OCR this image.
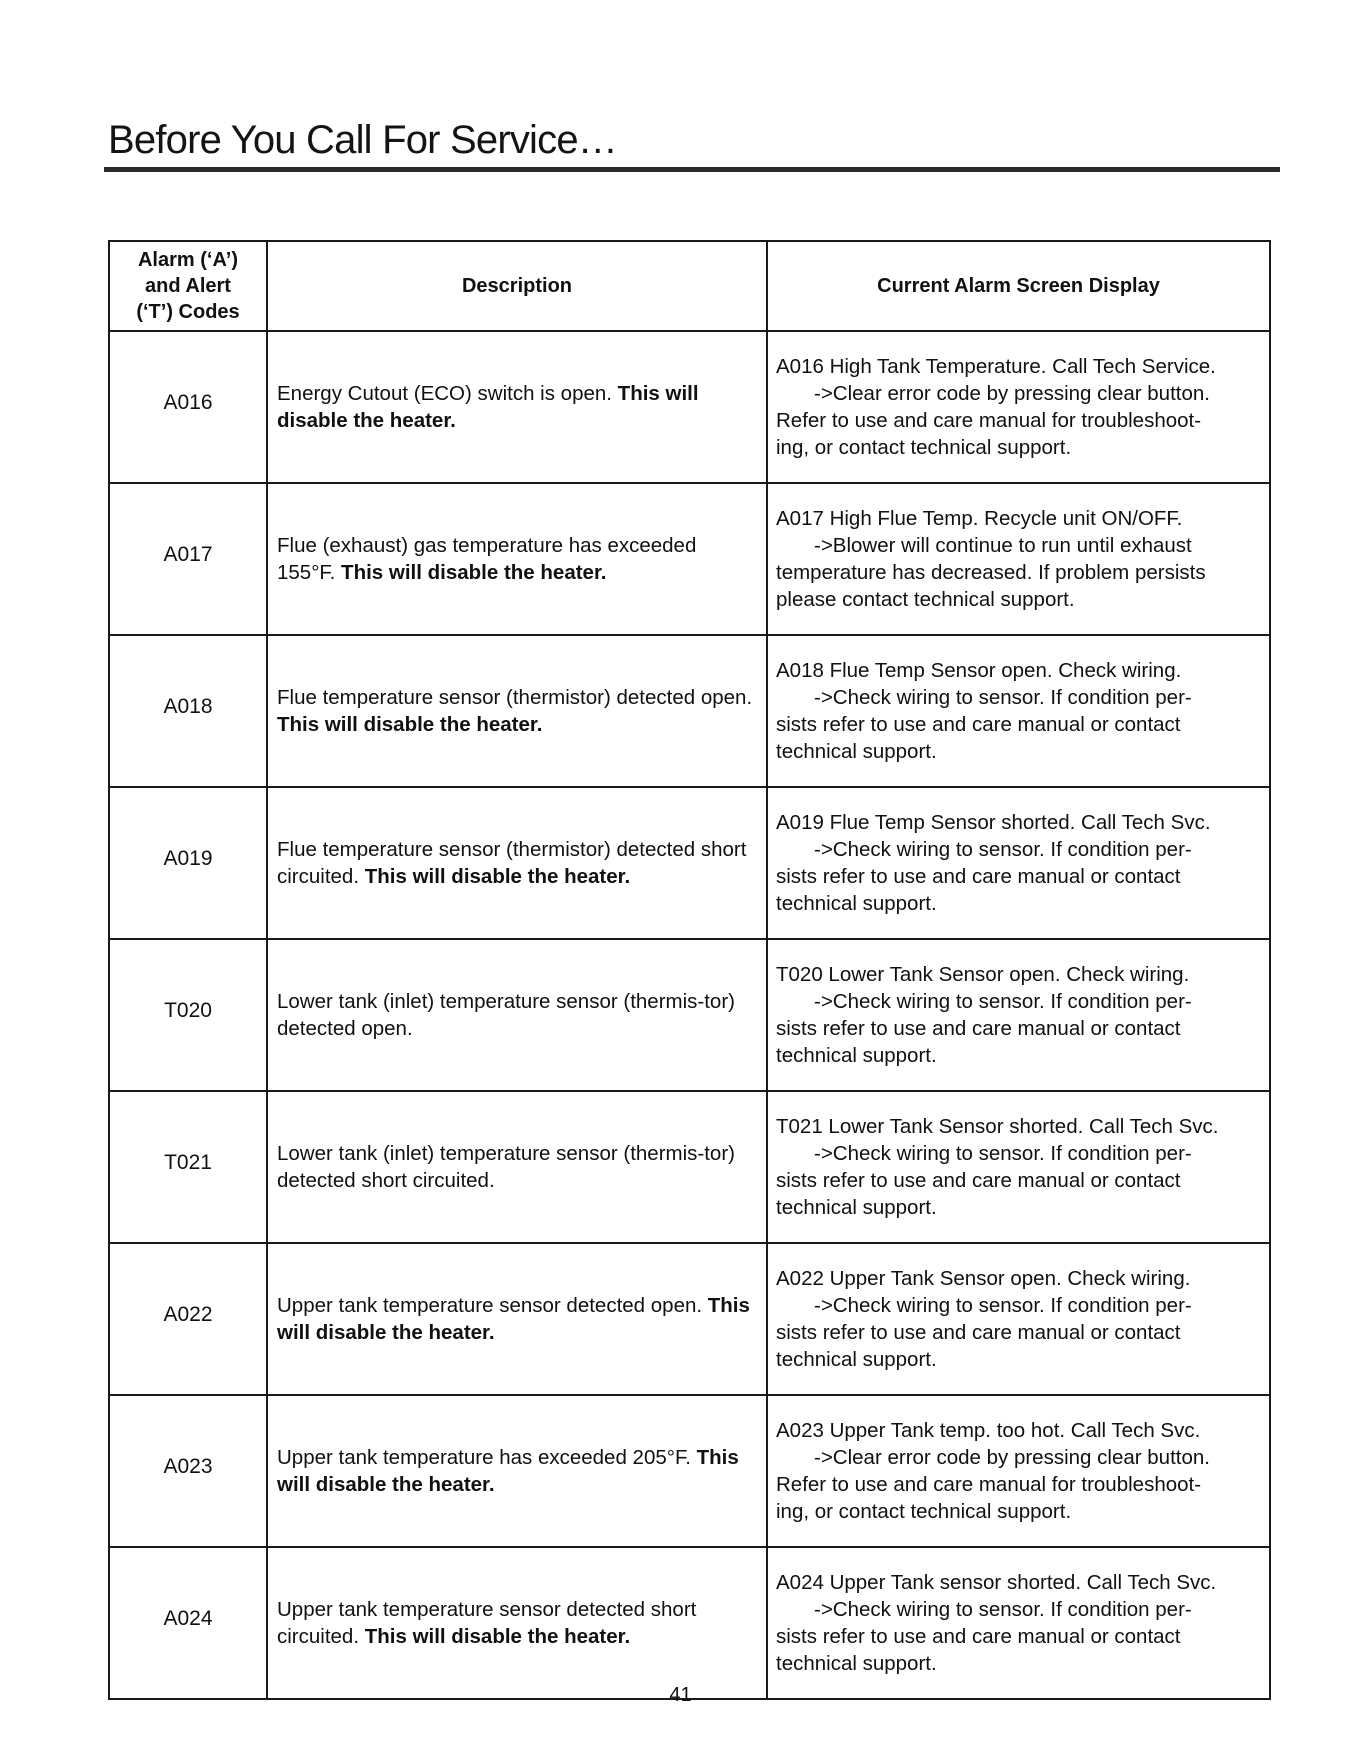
Before You Call For Service…
Alarm (‘A’)
and Alert
(‘T’) Codes	Description	Current Alarm Screen Display
A016	Energy Cutout (ECO) switch is open. This will disable the heater.	A016 High Tank Temperature. Call Tech Service.
->Clear error code by pressing clear button.
Refer to use and care manual for troubleshoot-
ing, or contact technical support.

A017	Flue (exhaust) gas temperature has exceeded 155°F. This will disable the heater.	A017 High Flue Temp. Recycle unit ON/OFF.
->Blower will continue to run until exhaust
temperature has decreased. If problem persists
please contact technical support.

A018	Flue temperature sensor (thermistor) detected open. This will disable the heater.	A018 Flue Temp Sensor open. Check wiring.
->Check wiring to sensor. If condition per-
sists refer to use and care manual or contact
technical support.

A019	Flue temperature sensor (thermistor) detected short circuited. This will disable the heater.	A019 Flue Temp Sensor shorted. Call Tech Svc.
->Check wiring to sensor. If condition per-
sists refer to use and care manual or contact
technical support.

T020	Lower tank (inlet) temperature sensor (thermis-tor) detected open.	T020 Lower Tank Sensor open. Check wiring.
->Check wiring to sensor. If condition per-
sists refer to use and care manual or contact
technical support.

T021	Lower tank (inlet) temperature sensor (thermis-tor) detected short circuited.	T021 Lower Tank Sensor shorted. Call Tech Svc.
->Check wiring to sensor. If condition per-
sists refer to use and care manual or contact
technical support.

A022	Upper tank temperature sensor detected open. This will disable the heater.	A022 Upper Tank Sensor open. Check wiring.
->Check wiring to sensor. If condition per-
sists refer to use and care manual or contact
technical support.

A023	Upper tank temperature has exceeded 205°F. This will disable the heater.	A023 Upper Tank temp. too hot. Call Tech Svc.
->Clear error code by pressing clear button.
Refer to use and care manual for troubleshoot-
ing, or contact technical support.

A024	Upper tank temperature sensor detected short circuited. This will disable the heater.	A024 Upper Tank sensor shorted. Call Tech Svc.
->Check wiring to sensor. If condition per-
sists refer to use and care manual or contact
technical support.
41
